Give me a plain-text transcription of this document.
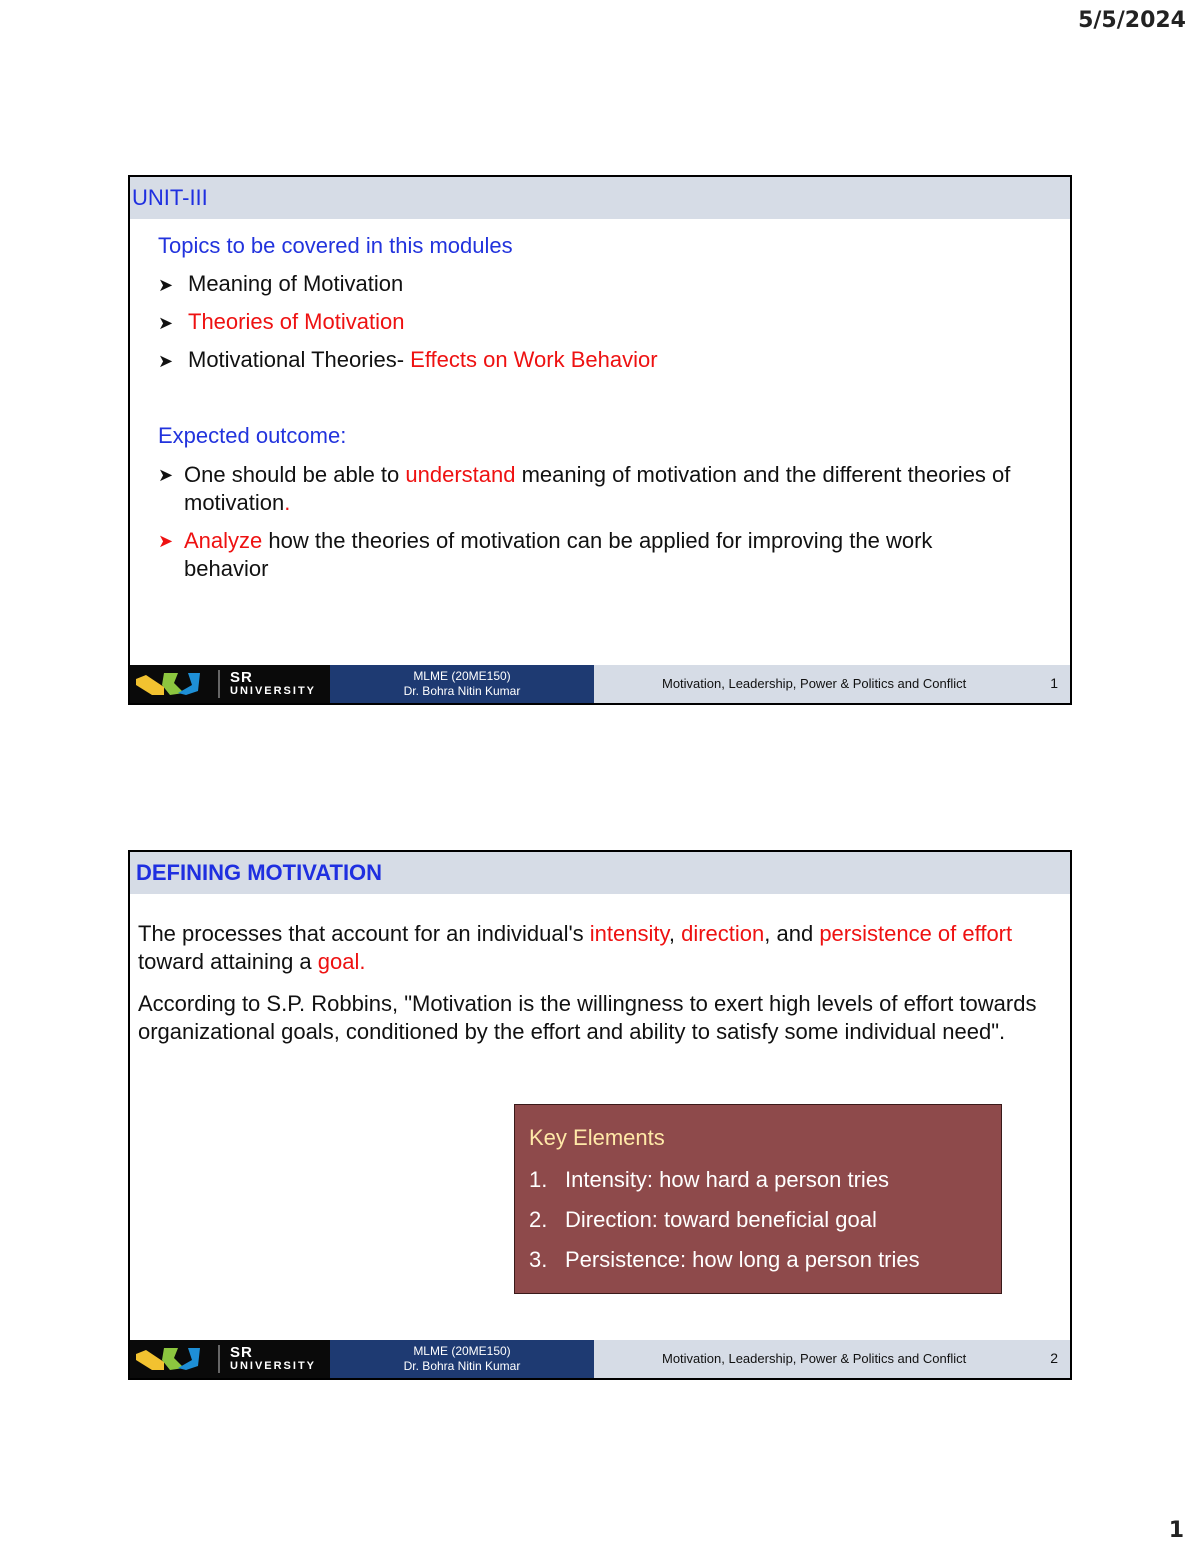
5/5/2024
UNIT-III
Topics to be covered in this modules
➤ Meaning of Motivation
➤ Theories of Motivation
➤ Motivational Theories- Effects on Work Behavior
Expected outcome:
➤ One should be able to understand meaning of motivation and the different theories of motivation.
➤ Analyze how the theories of motivation can be applied for improving the work behavior
SR
UNIVERSITY
MLME (20ME150)
Dr. Bohra Nitin Kumar	Motivation, Leadership, Power & Politics and Conflict	1
DEFINING MOTIVATION
The processes that account for an individual's intensity, direction, and persistence of effort toward attaining a goal.
According to S.P. Robbins, "Motivation is the willingness to exert high levels of effort towards organizational goals, conditioned by the effort and ability to satisfy some individual need".
Key Elements
1. Intensity: how hard a person tries
2. Direction: toward beneficial goal
3. Persistence: how long a person tries
SR
UNIVERSITY
MLME (20ME150)
Dr. Bohra Nitin Kumar	Motivation, Leadership, Power & Politics and Conflict	2
1
